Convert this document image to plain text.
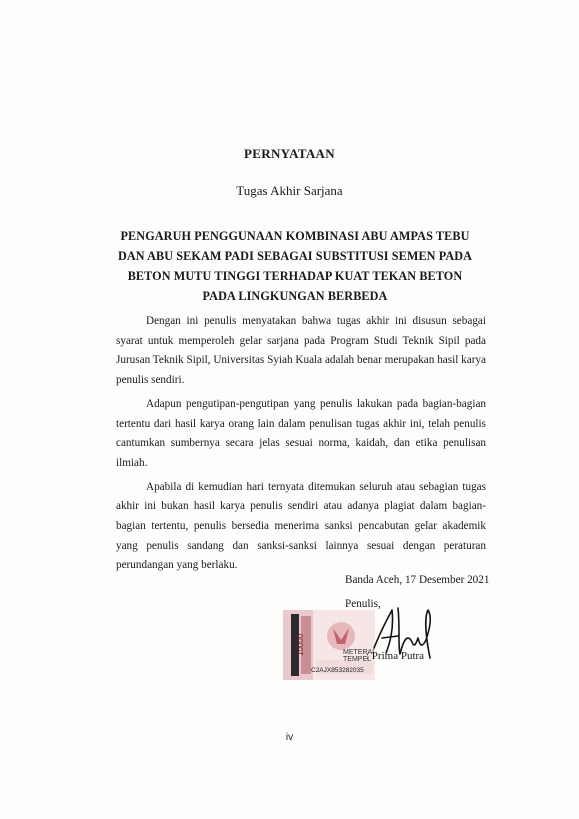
PERNYATAAN
Tugas Akhir Sarjana
PENGARUH PENGGUNAAN KOMBINASI ABU AMPAS TEBU
DAN ABU SEKAM PADI SEBAGAI SUBSTITUSI SEMEN PADA
BETON MUTU TINGGI TERHADAP KUAT TEKAN BETON
PADA LINGKUNGAN BERBEDA

Dengan ini penulis menyatakan bahwa tugas akhir ini disusun sebagai syarat untuk memperoleh gelar sarjana pada Program Studi Teknik Sipil pada Jurusan Teknik Sipil, Universitas Syiah Kuala adalah benar merupakan hasil karya penulis sendiri.

Adapun pengutipan-pengutipan yang penulis lakukan pada bagian-bagian tertentu dari hasil karya orang lain dalam penulisan tugas akhir ini, telah penulis cantumkan sumbernya secara jelas sesuai norma, kaidah, dan etika penulisan ilmiah.

Apabila di kemudian hari ternyata ditemukan seluruh atau sebagian tugas akhir ini bukan hasil karya penulis sendiri atau adanya plagiat dalam bagian-bagian tertentu, penulis bersedia menerima sanksi pencabutan gelar akademik yang penulis sandang dan sanksi-sanksi lainnya sesuai dengan peraturan perundangan yang berlaku.

Banda Aceh, 17 Desember 2021
Penulis,
METERAI
TEMPEL
C2AJX853282035
10000	: Prima Putra
iv
